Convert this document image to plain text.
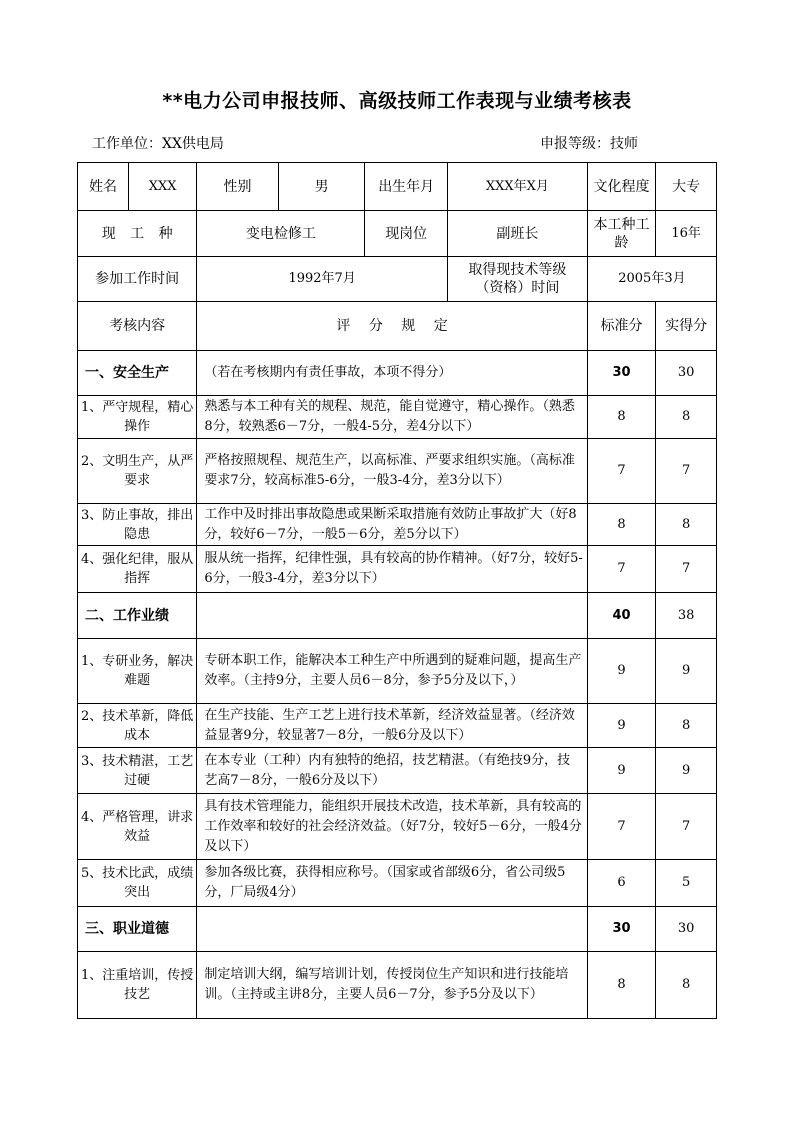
**电力公司申报技师、高级技师工作表现与业绩考核表
工作单位：XX供电局	申报等级：技师
姓名	XXX	性别	男	出生年月	XXX年X月	文化程度	大专
现 工 种		变电检修工		现岗位	副班长	本工种工龄	16年
参加工作时间		1992年7月			取得现技术等级（资格）时间	2005年3月	
考核内容		评 分 规 定				标准分	实得分
一、安全生产		（若在考核期内有责任事故，本项不得分）				30	30
1、严守规程，精心操作		熟悉与本工种有关的规程、规范，能自觉遵守，精心操作。（熟悉8分，较熟悉6－7分，一般4-5分，差4分以下）				8	8
2、文明生产，从严要求		严格按照规程、规范生产，以高标准、严要求组织实施。（高标准要求7分，较高标准5-6分，一般3-4分，差3分以下）				7	7
3、防止事故，排出隐患		工作中及时排出事故隐患或果断采取措施有效防止事故扩大（好8分，较好6－7分，一般5－6分，差5分以下）				8	8
4、强化纪律，服从指挥		服从统一指挥，纪律性强，具有较高的协作精神。（好7分，较好5-6分，一般3-4分，差3分以下）				7	7
二、工作业绩						40	38
1、专研业务，解决难题		专研本职工作，能解决本工种生产中所遇到的疑难问题，提高生产效率。（主持9分，主要人员6－8分，参予5分及以下，）				9	9
2、技术革新，降低成本		在生产技能、生产工艺上进行技术革新，经济效益显著。（经济效益显著9分，较显著7－8分，一般6分及以下）				9	8
3、技术精湛，工艺过硬		在本专业（工种）内有独特的绝招，技艺精湛。（有绝技9分，技艺高7－8分，一般6分及以下）				9	9
4、严格管理，讲求效益		具有技术管理能力，能组织开展技术改造，技术革新，具有较高的工作效率和较好的社会经济效益。（好7分，较好5－6分，一般4分及以下）				7	7
5、技术比武，成绩突出		参加各级比赛，获得相应称号。（国家或省部级6分，省公司级5分，厂局级4分）				6	5
三、职业道德						30	30
1、注重培训，传授技艺		制定培训大纲，编写培训计划，传授岗位生产知识和进行技能培训。（主持或主讲8分，主要人员6－7分，参予5分及以下）				8	8
